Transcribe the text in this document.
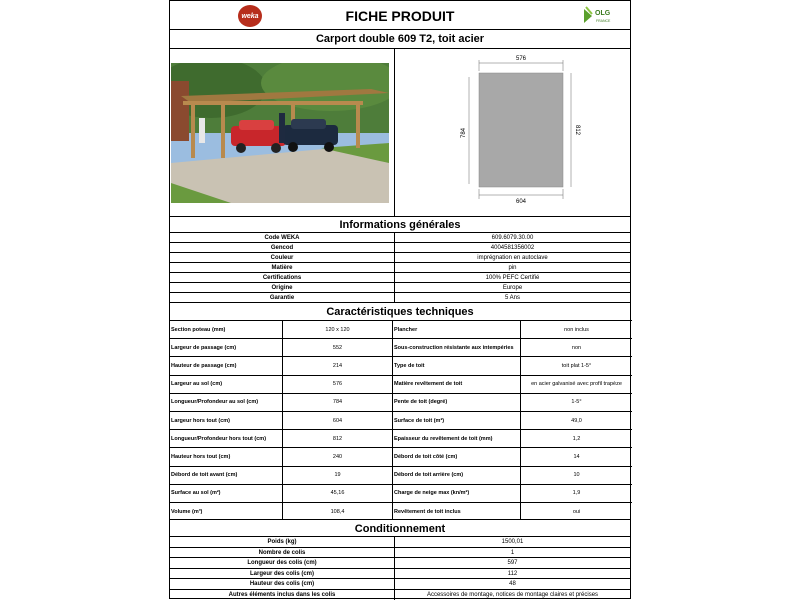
weka	FICHE PRODUIT	OLG
FRANCE
Carport double 609 T2, toit acier
576
784	812
604
Informations générales
Code WEKA	609.6079.30.00
Gencod	4004581356002
Couleur	imprégnation en autoclave
Matière	pin
Certifications	100% PEFC Certifié
Origine	Europe
Garantie	5 Ans
Caractéristiques techniques
Section poteau (mm)	120 x 120	Plancher	non inclus
Largeur de passage (cm)	552	Sous-construction résistante aux intempéries	non
Hauteur de passage (cm)	214	Type de toit	toit plat 1-5°
Largeur au sol (cm)	576	Matière revêtement de toit	en acier galvanisé avec profil trapèze
Longueur/Profondeur au sol (cm)	784	Pente de toit (degré)	1-5°
Largeur hors tout (cm)	604	Surface de toit (m²)	49,0
Longueur/Profondeur hors tout (cm)	812	Epaisseur du revêtement de toit (mm)	1,2
Hauteur hors tout (cm)	240	Débord de toit côté (cm)	14
Débord de toit avant (cm)	19	Débord de toit arrière (cm)	10
Surface au sol (m²)	45,16	Charge de neige max (kn/m²)	1,9
Volume (m³)	108,4	Revêtement de toit inclus	oui
Conditionnement
Poids (kg)	1500,01
Nombre de colis	1
Longueur des colis (cm)	597
Largeur des colis (cm)	112
Hauteur des colis (cm)	48
Autres éléments inclus dans les colis	Accessoires de montage, notices de montage claires et précises
